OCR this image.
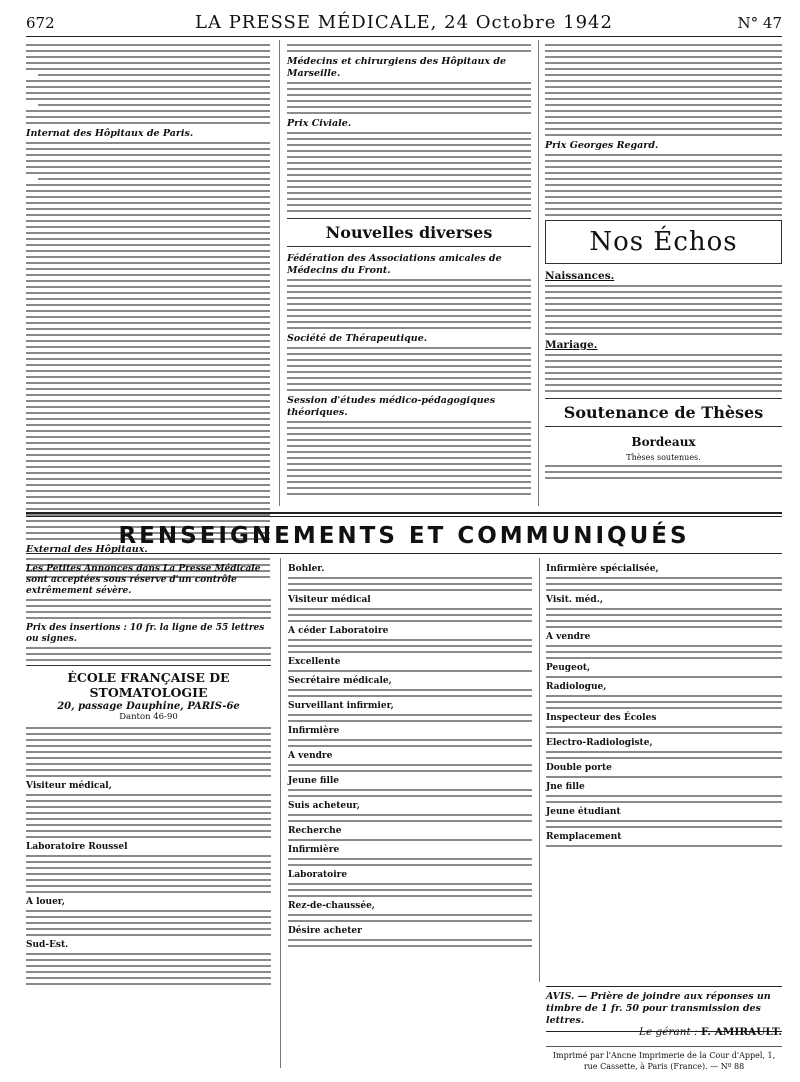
672	LA PRESSE MÉDICALE, 24 Octobre 1942	N° 47
Internat des Hôpitaux de Paris.
External des Hôpitaux.
Médecins et chirurgiens des Hôpitaux de Marseille.
Prix Civiale.
Nouvelles diverses
Fédération des Associations amicales de Médecins du Front.
Société de Thérapeutique.
Session d'études médico-pédagogiques théoriques.
Prix Georges Regard.
Nos Échos
Naissances.
Mariage.
Soutenance de Thèses
Bordeaux
Thèses soutenues.
RENSEIGNEMENTS ET COMMUNIQUÉS
Les Petites Annonces dans La Presse Médicale sont acceptées sous réserve d'un contrôle extrêmement sévère.
Prix des insertions : 10 fr. la ligne de 55 lettres ou signes.
ÉCOLE FRANÇAISE DE STOMATOLOGIE
20, passage Dauphine, PARIS-6e
Danton 46-90
Visiteur médical,
Laboratoire Roussel
A louer,
Sud-Est.
Bohler.
Visiteur médical
A céder Laboratoire
Excellente
Secrétaire médicale,
Surveillant infirmier,
Infirmière
A vendre
Jeune fille
Suis acheteur,
Recherche
Infirmière
Laboratoire
Rez-de-chaussée,
Désire acheter
Infirmière spécialisée,
Visit. méd.,
A vendre
Peugeot,
Radiologue,
Inspecteur des Écoles
Electro-Radiologiste,
Double porte
Jne fille
Jeune étudiant
Remplacement
AVIS. — Prière de joindre aux réponses un timbre de 1 fr. 50 pour transmission des lettres.
Le gérant : F. AMIRAULT.
Imprimé par l'Ancne Imprimerie de la Cour d'Appel, 1, rue Cassette, à Paris (France). — Nº 88
